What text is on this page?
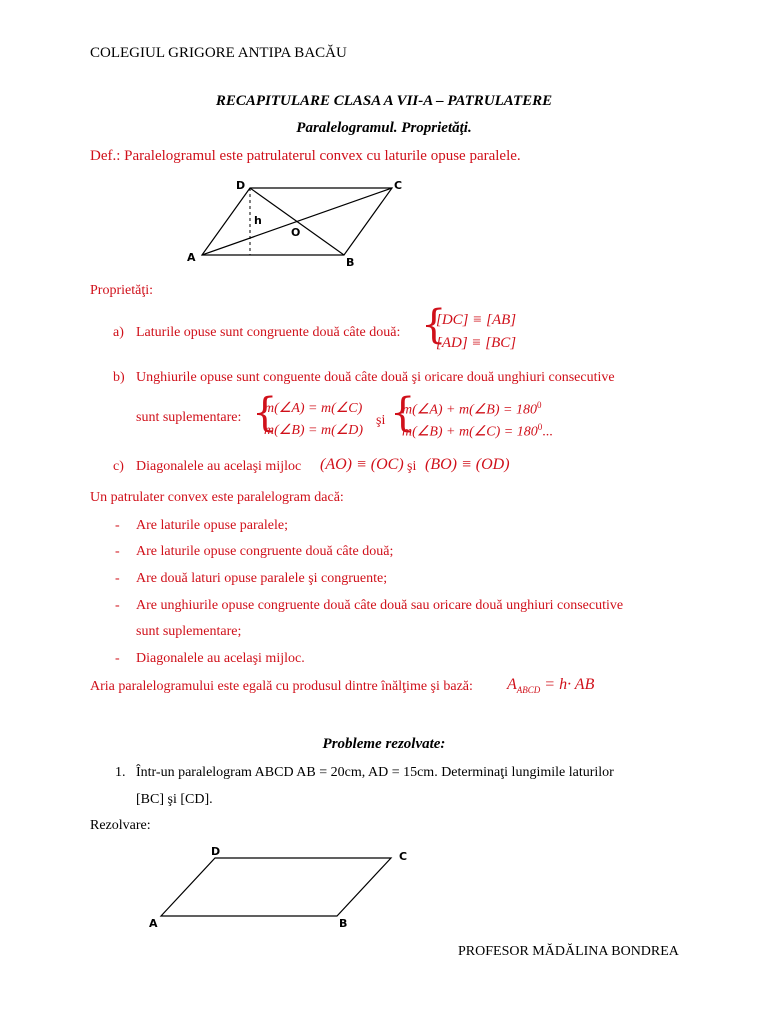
COLEGIUL GRIGORE ANTIPA BACĂU
RECAPITULARE CLASA A VII-A – PATRULATERE
Paralelogramul. Proprietăţi.
Def.: Paralelogramul este patrulaterul convex cu laturile opuse paralele.
D	C
A	B
O
h
Proprietăţi:
a) Laturile opuse sunt congruente două câte două: {
[DC] ≡ [AB]
[AD] ≡ [BC]
b) Unghiurile opuse sunt conguente două câte două şi oricare două unghiuri consecutive
sunt suplementare: {
m(∠A) = m(∠C)
m(∠B) = m(∠D)
şi {
m(∠A) + m(∠B) = $180^0$
m(∠B) + m(∠C) = $180^0$...
c) Diagonalele au acelaşi mijloc (AO) ≡ (OC) şi (BO) ≡ (OD)
Un patrulater convex este paralelogram dacă:
- Are laturile opuse paralele;
- Are laturile opuse congruente două câte două;
- Are două laturi opuse paralele şi congruente;
- Are unghiurile opuse congruente două câte două sau oricare două unghiuri consecutive
sunt suplementare;
- Diagonalele au acelaşi mijloc.
Aria paralelogramului este egală cu produsul dintre înălţime şi bază: $A_{ABCD} = h\cdot$ AB
Probleme rezolvate:
1. Într-un paralelogram ABCD AB = 20cm, AD = 15cm. Determinaţi lungimile laturilor
[BC] şi [CD].
Rezolvare:
D	C
A	B
PROFESOR MĂDĂLINA BONDREA
